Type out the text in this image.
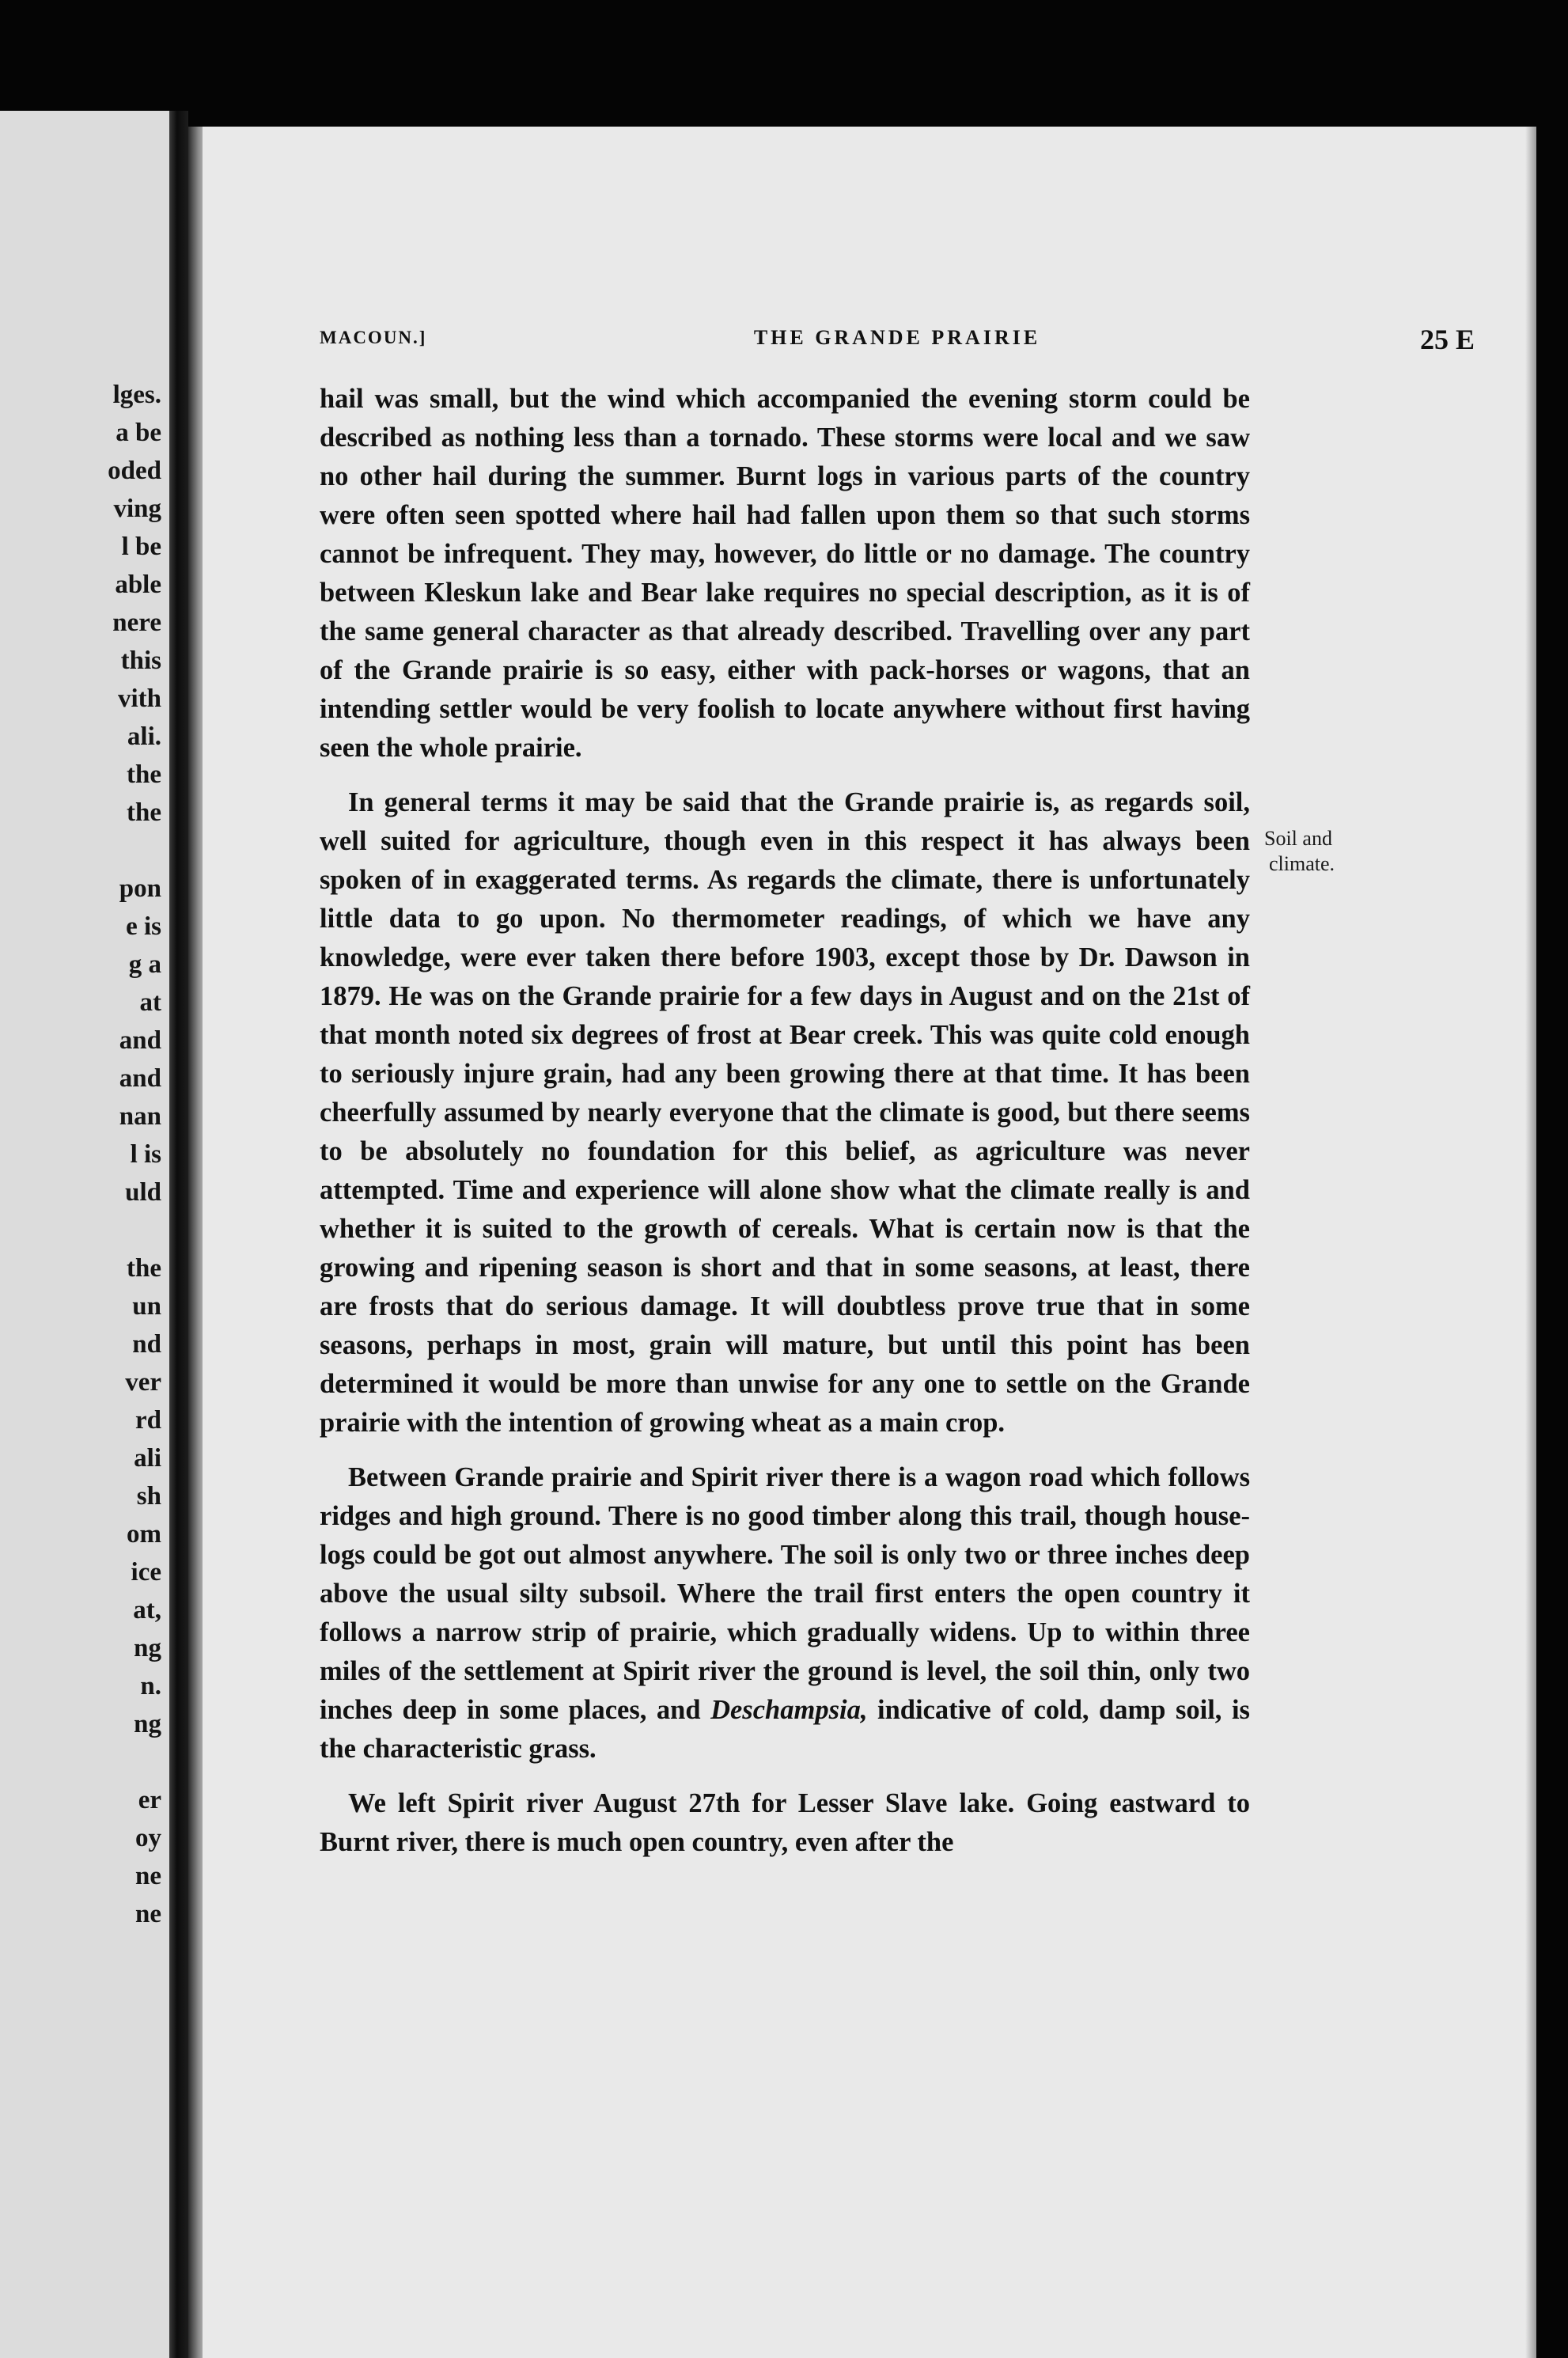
lges.
a be
oded
ving
l be
able
nere
this
vith
ali.
the
the
pon
e is
g a
at
and
and
nan
l is
uld
the
un
nd
ver
rd
ali
sh
om
ice
at,
ng
n.
ng
er
oy
ne
ne
MACOUN.]	THE GRANDE PRAIRIE	25 E

hail was small, but the wind which accompanied the evening storm could be described as nothing less than a tornado. These storms were local and we saw no other hail during the summer. Burnt logs in various parts of the country were often seen spotted where hail had fallen upon them so that such storms cannot be infrequent. They may, however, do little or no damage. The country between Kleskun lake and Bear lake requires no special description, as it is of the same general character as that already described. Travelling over any part of the Grande prairie is so easy, either with pack-horses or wagons, that an intending settler would be very foolish to locate anywhere without first having seen the whole prairie.

In general terms it may be said that the Grande prairie is, as regards soil, well suited for agriculture, though even in this respect it has always been spoken of in exaggerated terms. As regards the climate, there is unfortunately little data to go upon. No thermometer readings, of which we have any knowledge, were ever taken there before 1903, except those by Dr. Dawson in 1879. He was on the Grande prairie for a few days in August and on the 21st of that month noted six degrees of frost at Bear creek. This was quite cold enough to seriously injure grain, had any been growing there at that time. It has been cheerfully assumed by nearly everyone that the climate is good, but there seems to be absolutely no foundation for this belief, as agriculture was never attempted. Time and experience will alone show what the climate really is and whether it is suited to the growth of cereals. What is certain now is that the growing and ripening season is short and that in some seasons, at least, there are frosts that do serious damage. It will doubtless prove true that in some seasons, perhaps in most, grain will mature, but until this point has been determined it would be more than unwise for any one to settle on the Grande prairie with the intention of growing wheat as a main crop.

Between Grande prairie and Spirit river there is a wagon road which follows ridges and high ground. There is no good timber along this trail, though house-logs could be got out almost anywhere. The soil is only two or three inches deep above the usual silty subsoil. Where the trail first enters the open country it follows a narrow strip of prairie, which gradually widens. Up to within three miles of the settlement at Spirit river the ground is level, the soil thin, only two inches deep in some places, and Deschampsia, indicative of cold, damp soil, is the characteristic grass.

We left Spirit river August 27th for Lesser Slave lake. Going eastward to Burnt river, there is much open country, even after the

Soil and
climate.
